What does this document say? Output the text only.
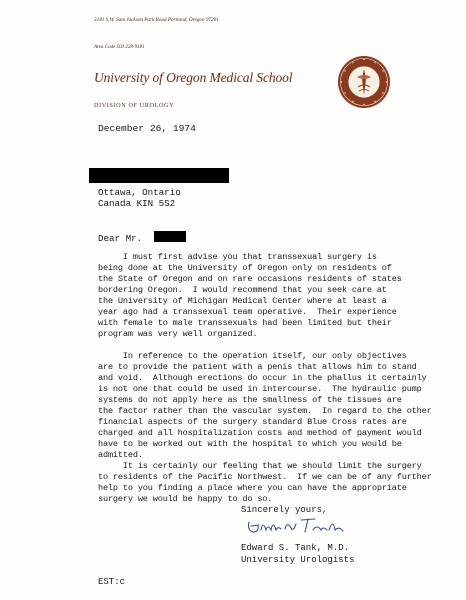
3181 S.W. Sam Jackson Park Road Portland, Oregon 97201
Area Code 503 228-9181
University of Oregon Medical School
DIVISION OF UROLOGY
December 26, 1974
Ottawa, Ontario
Canada KIN 5S2
Dear Mr.
I must first advise you that transsexual surgery is
being done at the University of Oregon only on residents of
the State of Oregon and on rare occasions residents of states
bordering Oregon.  I would recommend that you seek care at
the University of Michigan Medical Center where at least a
year ago had a transsexual team operative.  Their experience
with female to male transsexuals had been limited but their
program was very well organized.
In reference to the operation itself, our only objectives
are to provide the patient with a penis that allows him to stand
and void.  Although erections do occur in the phallus it certainly
is not one that could be used in intercourse.  The hydraulic pump
systems do not apply here as the smallness of the tissues are
the factor rather than the vascular system.  In regard to the other
financial aspects of the surgery standard Blue Cross rates are
charged and all hospitalization costs and method of payment would
have to be worked out with the hospital to which you would be
admitted.
It is certainly our feeling that we should limit the surgery
to residents of the Pacific Northwest.  If we can be of any further
help to you finding a place where you can have the appropriate
surgery we would be happy to do so.
Sincerely yours,
Edward S. Tank, M.D.
University Urologists
EST:c
